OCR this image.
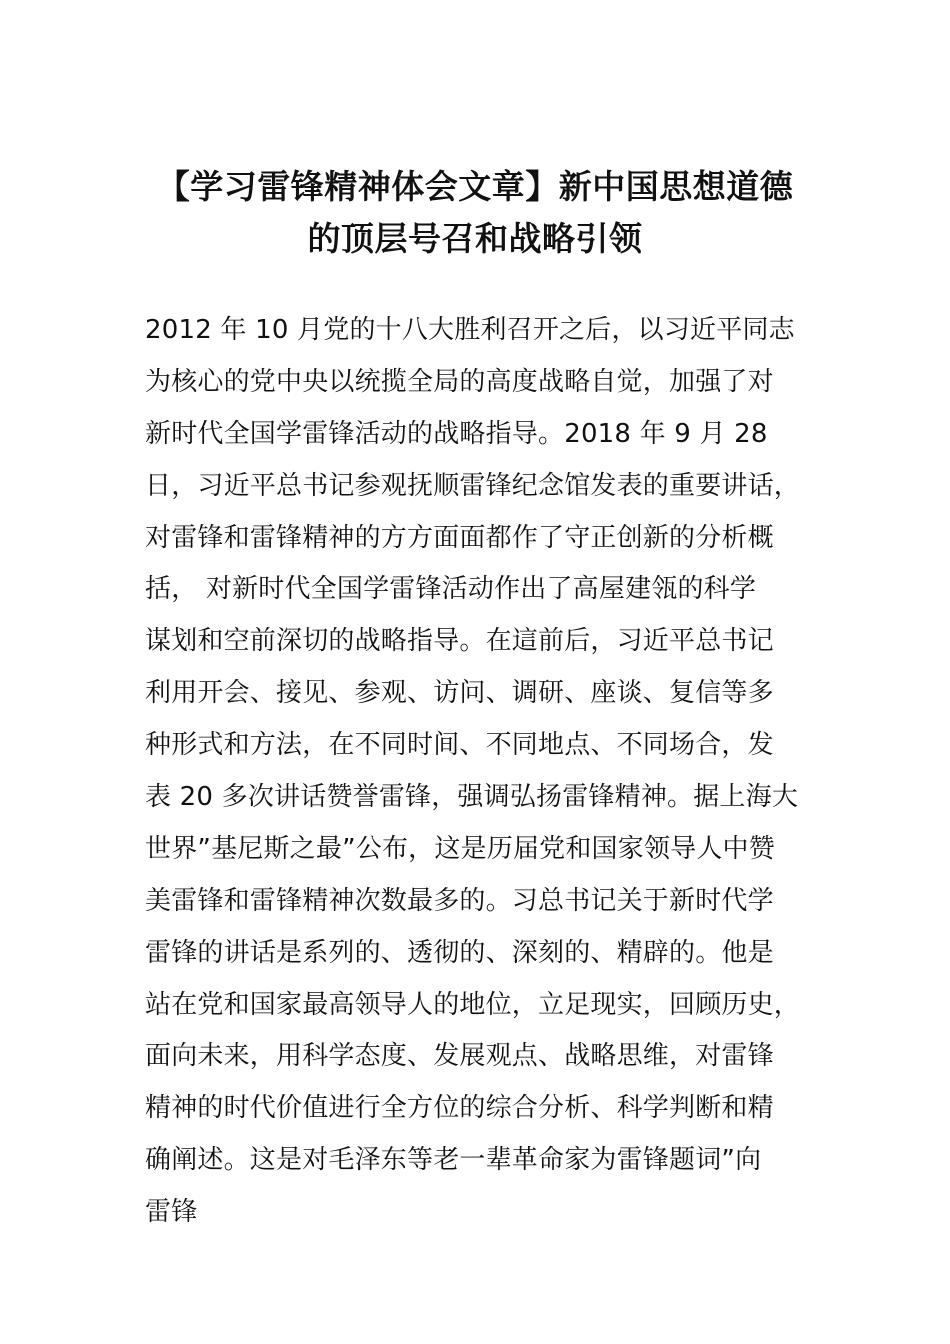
【学习雷锋精神体会文章】新中国思想道德
的顶层号召和战略引领
2012 年 10 月党的十八大胜利召开之后，以习近平同志
为核心的党中央以统揽全局的高度战略自觉，加强了对
新时代全国学雷锋活动的战略指导。2018 年 9 月 28
日，习近平总书记参观抚顺雷锋纪念馆发表的重要讲话，
对雷锋和雷锋精神的方方面面都作了守正创新的分析概
括， 对新时代全国学雷锋活动作出了高屋建瓴的科学
谋划和空前深切的战略指导。在這前后，习近平总书记
利用开会、接见、参观、访问、调研、座谈、复信等多
种形式和方法，在不同时间、不同地点、不同场合，发
表 20 多次讲话赞誉雷锋，强调弘扬雷锋精神。据上海大
世界”基尼斯之最”公布，这是历届党和国家领导人中赞
美雷锋和雷锋精神次数最多的。习总书记关于新时代学
雷锋的讲话是系列的、透彻的、深刻的、精辟的。他是
站在党和国家最高领导人的地位，立足现实，回顾历史，
面向未来，用科学态度、发展观点、战略思维，对雷锋
精神的时代价值进行全方位的综合分析、科学判断和精
确阐述。这是对毛泽东等老一辈革命家为雷锋题词”向
雷锋
